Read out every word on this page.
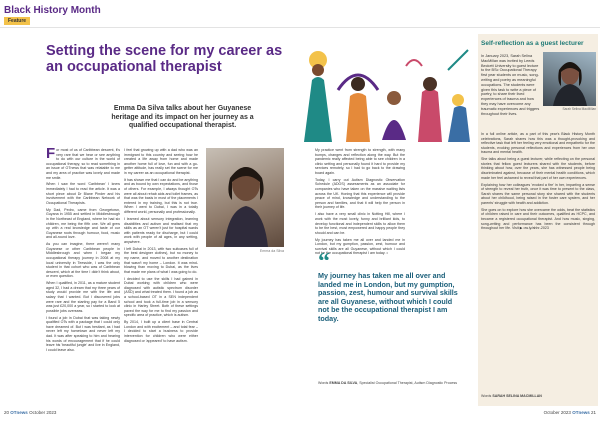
Black History Month
Feature
Setting the scene for my career as an occupational therapist
Emma Da Silva talks about her Guyanese heritage and its impact on her journey as a qualified occupational therapist.

For most of us of Caribbean descent, it's very rare that we hear or see anything to do with our culture in the world of occupational therapy, so to read something in an issue of OTnews that was relatable to me and my area of practice was lovely and made me smile.

When I saw the word 'Caribbean' I knew immediately I had to read the article. It was a short piece about Dr Blane Pinder and his involvement with the Caribbean Network of Occupational Therapists.

My Dad, Pedro, came from Georgetown, Guyana in 1955 and settled in Middlesbrough in the Northeast of England, where he had six children, me being the fifth one. We all grew up with a real knowledge and taste of our Guyanese roots through humour, food, music and all-round love.

As you can imagine, there weren't many Guyanese or other Caribbean people in Middlesbrough and when I began my occupational therapy journey in 2008 at my local university in Teesside, I was the only student in that cohort who was of Caribbean descent, which at the time I didn't think about, or even question.

When I qualified, in 2011, as a mature student aged 32, I had a dream that my three years of study would provide me with the life and salary that I wanted. But I discovered jobs were rare and the starting pay for a Band 5 was just £20,000 a year, so I started to look at possible jobs overseas.

I found a job in Dubai that was taking newly qualified OTs with a package that I could only have dreamed of. But I was hesitant, as I had never left my hometown and never left my dad. It was after speaking to him and hearing his words of encouragement that if he could leave his 'beautiful jungle' and live in England, I could leave also.

I feel that growing up with a dad who was an immigrant to this country and seeing how he created a life away from home and made another home full of love, fun and with a go-getter attitude, has really set the scene for me in my career as an occupational therapist.

It has shown me that I can do and be anything and as bound by own expectations, and those of others. For example, I always thought OTs were all about rehab aids and toilet frames, as that was the basis in most of the placements I entered in my training, but this is not true. When I went to Dubai, I was in a totally different world, personally and professionally.

I learned about sensory integration, learning disabilities and autism and realised that my skills as an OT weren't just for hospital wards with patients ready for discharge, but I could work with people of all ages, in any setting, anywhere.

I left Dubai in 2013, with two suitcases full of the best designer clothes), but no money to my name, and moved to another destination that wasn't my home – London. It was mind-blowing than moving to Dubai, as the lives that made me plans of what I was going to do.

I decided to use the skills I had gained in Dubai working with children who were diagnosed with autistic spectrum disorder (ASD) and what treated them. I found a job as a school-based OT in a SEN independent school and took a full-time job in a sensory clinic in Harley Street. Both of these settings paved the way for me to find my passion and specific area of practice, which is autism.

By 2014, I built up a client base in Central London and with excitement – and total fear – I decided to start a business to provide intervention for children who were either diagnosed or 'appeared' to have autism.

Emma da Silva
20 OTnews October 2023

My practice went from strength to strength, with many bumps, changes and reflection along the way. But the pandemic really affected being able to see children in a clinic setting and personally found it hard to provide my services remotely, so I had to go back to the drawing board again.

Today, I carry out Autism Diagnostic Observation Schedule (ADOS) assessments as an associate for companies who have taken on the massive waiting lists across the UK. Honing that this experience will provide peace of mind, knowledge and understanding to the person and families, and that it will help the person in their journey of life.

I also have a very small clinic in Notting Hill, where I work with the most lovely, funny and brilliant kids, to develop functional and independent skills to allow them to be the best, most empowered and happy people they should and can be.

My journey has taken me all over and landed me in London, but my gumption, passion, zest, humour and survival skills are all Guyanese, without which I could not be the occupational therapist I am today. •

“
My journey has taken me all over and landed me in London, but my gumption, passion, zest, humour and survival skills are all Guyanese, without which I could not be the occupational therapist I am today.
Words EMMA DA SILVA, Specialist Occupational Therapist, Autism Diagnostic Process
Self-reflection as a guest lecturer
In January 2023, Sarah Selina MacMillan was invited by Leeds Beckett University to guest lecture to the BSc Occupational Therapy first year students on music, song-writing and poetry as meaningful occupations. The students were given this task to write a piece of poetry, to share their lived experiences of trauma and how they may have overcome any traumatic experiences and triggers throughout their lives.
Sarah Selina MacMillan

In a full online article, as a part of this year's Black History Month celebrations, Sarah shares how this was a thought-provoking and reflective task that left her feeling very emotional and empathetic for the students, evoking personal reflections and experiences from her own trauma and mental health.

She talks about being a guest lecturer, while reflecting on the personal stories that fellow guest lecturers shared with the students, before thinking about how, over the years, she has witnessed people being discriminated against, because of their mental health conditions, which made her feel ashamed to reveal that part of her own experiences.

Explaining how her colleagues 'evoked a fire' in her, imparting a sense of strength to reveal her truth, once it was time to present to the class, Sarah shares the same personal story she shared with the students about her childhood, being raised in the foster care system, and her parents' struggle with health and addiction.

She goes on to explore how she overcame the odds, beat the statistics of children raised in care and their outcomes, qualified as HCPC, and became a registered occupational therapist. And how music, singing, song-writing and performance has been the consistent through throughout her life. Visit ▶ ow.ly/ahhr-2023

Words SARAH SELINA MACMILLAN
October 2023 OTnews 21
